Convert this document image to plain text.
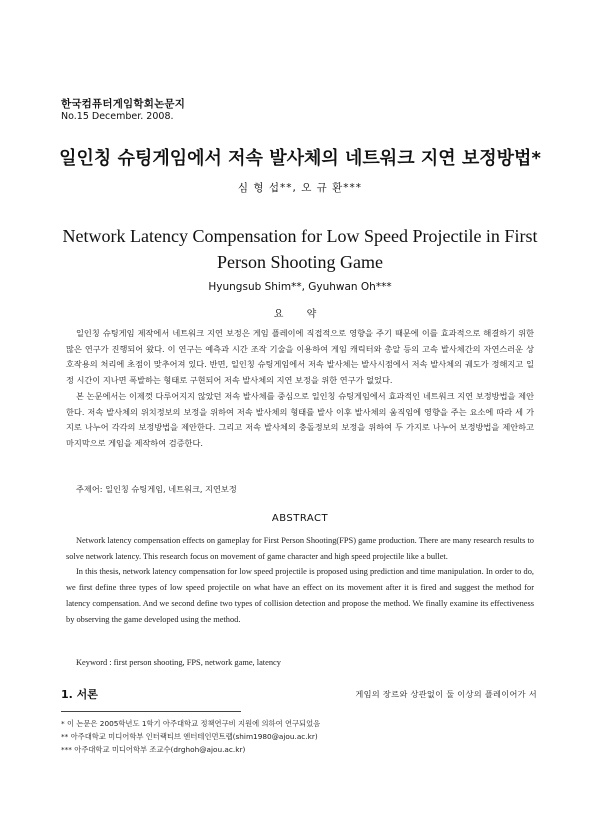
한국컴퓨터게임학회논문지
No.15 December. 2008.
일인칭 슈팅게임에서 저속 발사체의 네트워크 지연 보정방법*
심 형 섭**, 오 규 환***
Network Latency Compensation for Low Speed Projectile in First Person Shooting Game
Hyungsub Shim**, Gyuhwan Oh***
요 약

일인칭 슈팅게임 제작에서 네트워크 지연 보정은 게임 플레이에 직접적으로 영향을 주기 때문에 이를 효과적으로 해결하기 위한 많은 연구가 진행되어 왔다. 이 연구는 예측과 시간 조작 기술을 이용하여 게임 캐릭터와 총알 등의 고속 발사체간의 자연스러운 상호작용의 처리에 초점이 맞추어져 있다. 반면, 일인칭 슈팅게임에서 저속 발사체는 발사시점에서 저속 발사체의 궤도가 정해지고 일정 시간이 지나면 폭발하는 형태로 구현되어 저속 발사체의 지연 보정을 위한 연구가 없었다.

본 논문에서는 이제껏 다루어지지 않았던 저속 발사체를 중심으로 일인칭 슈팅게임에서 효과적인 네트워크 지연 보정방법을 제안한다. 저속 발사체의 위치정보의 보정을 위하여 저속 발사체의 형태를 발사 이후 발사체의 움직임에 영향을 주는 요소에 따라 세 가지로 나누어 각각의 보정방법을 제안한다. 그리고 저속 발사체의 충돌정보의 보정을 위하여 두 가지로 나누어 보정방법을 제안하고 마지막으로 게임을 제작하여 검증한다.

주제어: 일인칭 슈팅게임, 네트워크, 지연보정
ABSTRACT

Network latency compensation effects on gameplay for First Person Shooting(FPS) game production. There are many research results to solve network latency. This research focus on movement of game character and high speed projectile like a bullet.

In this thesis, network latency compensation for low speed projectile is proposed using prediction and time manipulation. In order to do, we first define three types of low speed projectile on what have an effect on its movement after it is fired and suggest the method for latency compensation. And we second define two types of collision detection and propose the method. We finally examine its effectiveness by observing the game developed using the method.

Keyword : first person shooting, FPS, network game, latency
1. 서론	게임의 장르와 상관없이 둘 이상의 플레이어가 서
* 이 논문은 2005학년도 1학기 아주대학교 정책연구비 지원에 의하여 연구되었음
** 아주대학교 미디어학부 인터랙티브 엔터테인먼트랩(shim1980@ajou.ac.kr)
*** 아주대학교 미디어학부 조교수(drghoh@ajou.ac.kr)
